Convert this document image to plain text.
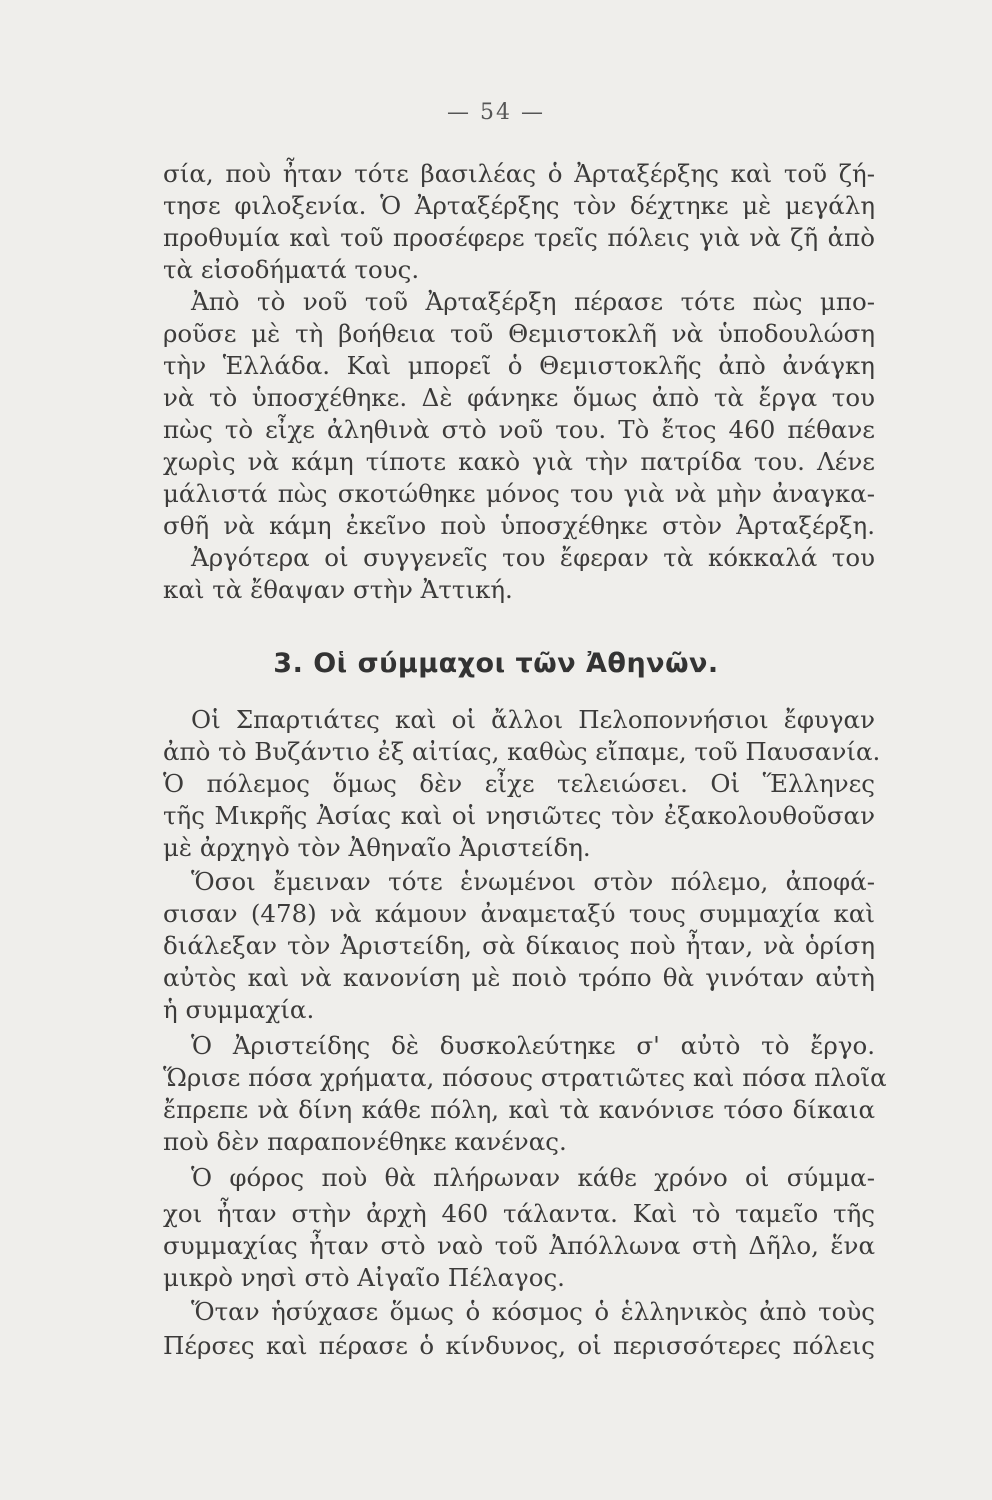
— 54 —
σία, ποὺ ἦταν τότε βασιλέας ὁ Ἀρταξέρξης καὶ τοῦ ζή-
τησε φιλοξενία. Ὁ Ἀρταξέρξης τὸν δέχτηκε μὲ μεγάλη
προθυμία καὶ τοῦ προσέφερε τρεῖς πόλεις γιὰ νὰ ζῆ ἀπὸ
τὰ εἰσοδήματά τους.
Ἀπὸ τὸ νοῦ τοῦ Ἀρταξέρξη πέρασε τότε πὼς μπο-
ροῦσε μὲ τὴ βοήθεια τοῦ Θεμιστοκλῆ νὰ ὑποδουλώση
τὴν Ἑλλάδα. Καὶ μπορεῖ ὁ Θεμιστοκλῆς ἀπὸ ἀνάγκη
νὰ τὸ ὑποσχέθηκε. Δὲ φάνηκε ὅμως ἀπὸ τὰ ἔργα του
πὼς τὸ εἶχε ἀληθινὰ στὸ νοῦ του. Τὸ ἔτος 460 πέθανε
χωρὶς νὰ κάμη τίποτε κακὸ γιὰ τὴν πατρίδα του. Λένε
μάλιστά πὼς σκοτώθηκε μόνος του γιὰ νὰ μὴν ἀναγκα-
σθῆ νὰ κάμη ἐκεῖνο ποὺ ὑποσχέθηκε στὸν Ἀρταξέρξη.
Ἀργότερα οἱ συγγενεῖς του ἔφεραν τὰ κόκκαλά του
καὶ τὰ ἔθαψαν στὴν Ἀττική.
3. Οἱ σύμμαχοι τῶν Ἀθηνῶν.
Οἱ Σπαρτιάτες καὶ οἱ ἄλλοι Πελοποννήσιοι ἔφυγαν
ἀπὸ τὸ Βυζάντιο ἐξ αἰτίας, καθὼς εἴπαμε, τοῦ Παυσανία.
Ὁ πόλεμος ὅμως δὲν εἶχε τελειώσει. Οἱ Ἕλληνες
τῆς Μικρῆς Ἀσίας καὶ οἱ νησιῶτες τὸν ἐξακολουθοῦσαν
μὲ ἀρχηγὸ τὸν Ἀθηναῖο Ἀριστείδη.
Ὅσοι ἔμειναν τότε ἑνωμένοι στὸν πόλεμο, ἀποφά-
σισαν (478) νὰ κάμουν ἀναμεταξύ τους συμμαχία καὶ
διάλεξαν τὸν Ἀριστείδη, σὰ δίκαιος ποὺ ἦταν, νὰ ὁρίση
αὐτὸς καὶ νὰ κανονίση μὲ ποιὸ τρόπο θὰ γινόταν αὐτὴ
ἡ συμμαχία.
Ὁ Ἀριστείδης δὲ δυσκολεύτηκε σ' αὐτὸ τὸ ἔργο.
Ὥρισε πόσα χρήματα, πόσους στρατιῶτες καὶ πόσα πλοῖα
ἔπρεπε νὰ δίνη κάθε πόλη, καὶ τὰ κανόνισε τόσο δίκαια
ποὺ δὲν παραπονέθηκε κανένας.
Ὁ φόρος ποὺ θὰ πλήρωναν κάθε χρόνο οἱ σύμμα-
χοι ἦταν στὴν ἀρχὴ 460 τάλαντα. Καὶ τὸ ταμεῖο τῆς
συμμαχίας ἦταν στὸ ναὸ τοῦ Ἀπόλλωνα στὴ Δῆλο, ἕνα
μικρὸ νησὶ στὸ Αἰγαῖο Πέλαγος.
Ὅταν ἡσύχασε ὅμως ὁ κόσμος ὁ ἑλληνικὸς ἀπὸ τοὺς
Πέρσες καὶ πέρασε ὁ κίνδυνος, οἱ περισσότερες πόλεις
